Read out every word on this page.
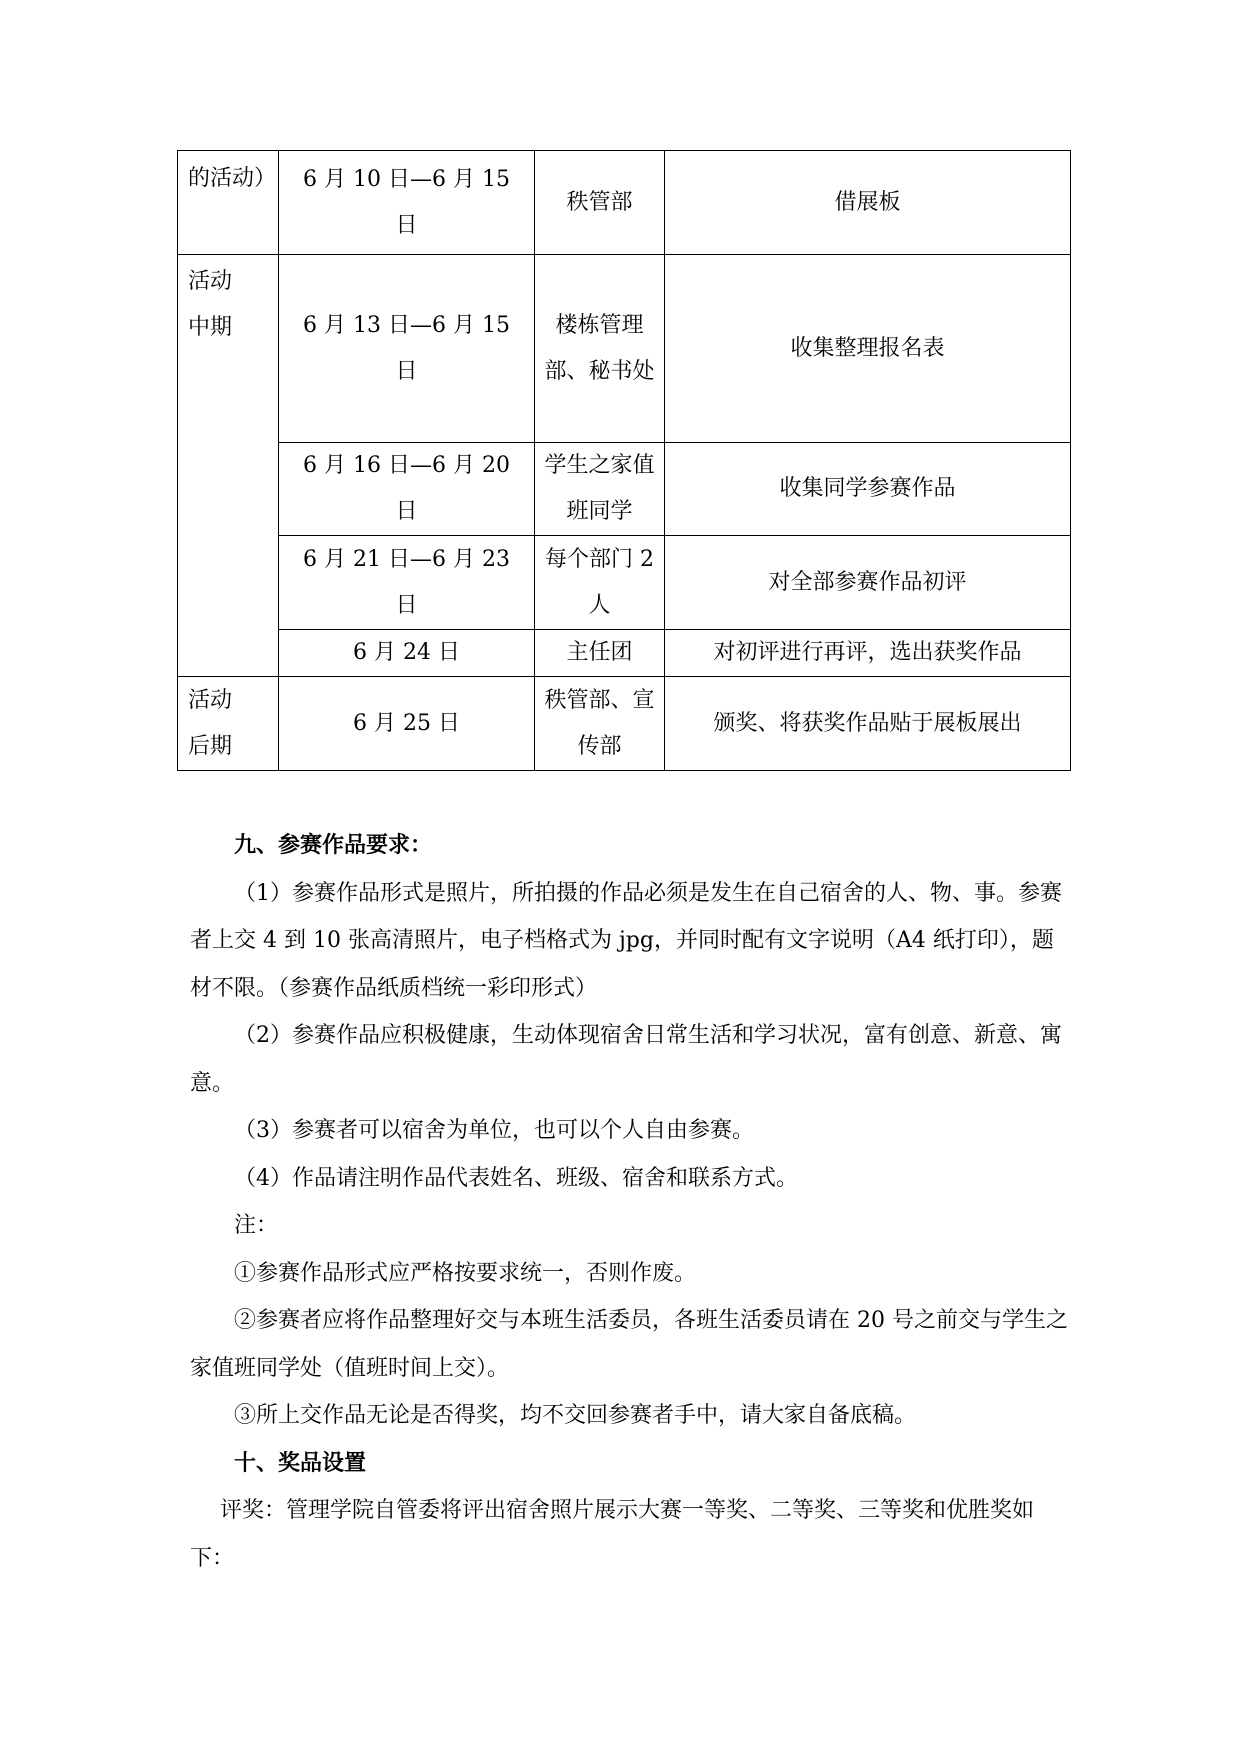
的活动）	6 月 10 日—6 月 15 日	秩管部	借展板

活动中期	6 月 13 日—6 月 15 日	楼栋管理部、秘书处	收集整理报名表
	6 月 16 日—6 月 20 日	学生之家值班同学	收集同学参赛作品
	6 月 21 日—6 月 23 日	每个部门 2 人	对全部参赛作品初评
	6 月 24 日	主任团	对初评进行再评，选出获奖作品

活动后期	6 月 25 日	秩管部、宣传部	颁奖、将获奖作品贴于展板展出

九、参赛作品要求：

（1）参赛作品形式是照片，所拍摄的作品必须是发生在自己宿舍的人、物、事。参赛者上交 4 到 10 张高清照片，电子档格式为 jpg，并同时配有文字说明（A4 纸打印），题材不限。（参赛作品纸质档统一彩印形式）

（2）参赛作品应积极健康，生动体现宿舍日常生活和学习状况，富有创意、新意、寓意。

（3）参赛者可以宿舍为单位，也可以个人自由参赛。

（4）作品请注明作品代表姓名、班级、宿舍和联系方式。

注：

①参赛作品形式应严格按要求统一，否则作废。

②参赛者应将作品整理好交与本班生活委员，各班生活委员请在 20 号之前交与学生之家值班同学处（值班时间上交）。

③所上交作品无论是否得奖，均不交回参赛者手中，请大家自备底稿。

十、奖品设置

评奖：管理学院自管委将评出宿舍照片展示大赛一等奖、二等奖、三等奖和优胜奖如下：
